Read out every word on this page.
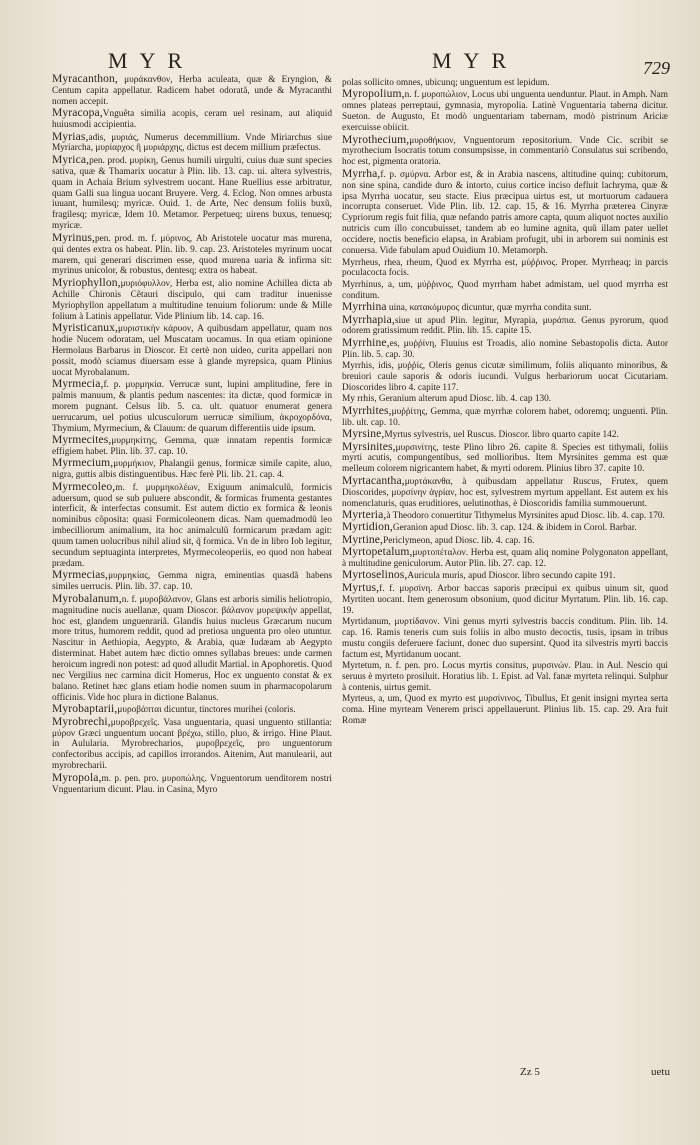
MYR	MYR	729
Myracanthon, μυράκανθον, Herba aculeata, quæ & Eryngion, & Centum capita appellatur. Radicem habet odoratã, unde & Myracanthi nomen accepit.
Myracopa,Vnguẽta similia acopis, ceram uel resinam, aut aliquid huiusmodi accipientia.
Myrias,adis, μυριάς, Numerus decemmillium. Vnde Miriarchus siue Myriarcha, μυρίαρχος ἢ μυριάρχης, dictus est decem millium præfectus.
Myrica,pen. prod. μυρίκη, Genus humili uirgulti, cuius duæ sunt species sativa, quæ & Thamarix uocatur à Plin. lib. 13. cap. ui. altera sylvestris, quam in Achaia Brium sylvestrem uocant. Hane Ruellius esse arbitratur, quam Galli sua lingua uocant Bruyere. Verg. 4. Eclog. Non omnes arbusta iuuant, humilesq; myricæ. Ouid. 1. de Arte, Nec densum foliis buxũ, fragilesq; myricæ, Idem 10. Metamor. Perpetueq; uirens buxus, tenuesq; myricæ.
Myrinus,pen. prod. m. f. μύρινος, Ab Aristotele uocatur mas murena, qui dentes extra os habeat. Plin. lib. 9. cap. 23. Aristoteles myrinum uocat marem, qui generari discrimen esse, quod murena uaria & infirma sit: myrinus unicolor, & robustus, dentesq; extra os habeat.
Myriophyllon,μυριόφυλλον, Herba est, alio nomine Achillea dicta ab Achille Chironis Cẽtauri discipulo, qui cam traditur inuenisse Myriophyllon appellatum a multitudine tenuium foliorum: unde & Mille folium à Latinis appellatur. Vide Plinium lib. 14. cap. 16.
Myristicanux,μυριστικὴν κάρυον, A quibusdam appellatur, quam nos hodie Nucem odoratam, uel Muscatam uocamus. In qua etiam opinione Hermolaus Barbarus in Dioscor. Et certè non uideo, curita appellari non possit, modò sciamus diuersam esse à glande myrepsica, quam Plinius uocat Myrobalanum.
Myrmecia,f. p. μυρμηκία. Verrucæ sunt, lupini amplitudine, fere in palmis manuum, & plantis pedum nascentes: ita dictæ, quod formicæ in morem pugnant. Celsus lib. 5. ca. ult. quatuor enumerat genera uerrucarum, uel potius ulcusculorum uerrucæ similium, ἀκροχορδόνα, Thymium, Myrmecium, & Clauum: de quarum differentiis uide ipsum.
Myrmecites,μυρμηκίτης, Gemma, quæ innatam repentis formicæ effigiem habet. Plin. lib. 37. cap. 10.
Myrmecium,μυρμήκιον, Phalangii genus, formicæ simile capite, aluo, nigra, guttis albis distinguentibus. Hæc ferè Pli. lib. 21. cap. 4.
Myrmecoleo,m. f. μυρμηκολέων, Exiguum animalculũ, formicis aduersum, quod se sub puluere abscondit, & formicas frumenta gestantes interficit, & interfectas consumit. Est autem dictio ex formica & leonis nominibus cõposita: quasi Formicoleonem dicas. Nam quemadmodũ leo imbecilliorum animalium, ita hoc animalculũ formicarum prædam agit: quum tamen uolucribus nihil aliud sit, q̃ formica. Vn de in libro Iob legitur, secundum septuaginta interpretes, Myrmecoleoperiis, eo quod non habeat prædam.
Myrmecias,μυρμηκίας, Gemma nigra, eminentias quasdã habens similes uerrucis. Plin. lib. 37. cap. 10.
Myrobalanum,n. f. μυροβάλανον, Glans est arboris similis heliotropio, magnitudine nucis auellanæ, quam Dioscor. βάλανον μυρεψικὴν appellat, hoc est, glandem unguenrariã. Glandis huius nucleus Græcarum nucum more tritus, humorem reddit, quod ad pretiosa unguenta pro oleo utuntur. Nascitur in Aethiopia, Aegypto, & Arabia, quæ Iudæam ab Aegypto disterminat. Habet autem hæc dictio omnes syllabas breues: unde carmen heroicum ingredi non potest: ad quod alludit Martial. in Apophoretis. Quod nec Vergilius nec carmina dicit Homerus, Hoc ex unguento constat & ex balano. Retinet hæc glans etiam hodie nomen suum in pharmacopolarum officinis. Vide hoc plura in dictione Balanus.
Myrobaptarii,μυροβάπται dicuntur, tinctores murihei (coloris.
Myrobrechi,μυροβρεχεῖς. Vasa unguentaria, quasi unguento stillantia: μύρον Græci unguentum uocant βρέχω, stillo, pluo, & irrigo. Hine Plaut. in Aulularia. Myrobrecharios, μυροβρεχεῖς, pro unguentorum confectoribus accipis, ad capillos irrorandos. Aitenim, Aut manulearii, aut myrobrecharii.
Myropola,m. p. pen. pro. μυροπώλης. Vnguentorum uenditorem nostri Vnguentarium dicunt. Plau. in Casina, Myro
polas sollicito omnes, ubicunq; unguentum est lepidum.
Myropolium,n. f. μυροπώλιον, Locus ubi unguenta uenduntur. Plaut. in Amph. Nam omnes plateas perreptaui, gymnasia, myropolia. Latinè Vnguentaria taberna dicitur. Sueton. de Augusto, Et modò unguentariam tabernam, modò pistrinum Ariciæ exercuisse obiicit.
Myrothecium,μυροθήκιον, Vnguentorum repositorium. Vnde Cic. scribit se myrothecium Isocratis totum consumpsisse, in commentariò Consulatus sui scribendo, hoc est, pigmenta oratoria.
Myrrha,f. p. σμύρνα. Arbor est, & in Arabia nascens, altitudine quinq; cubitorum, non sine spina, candide duro & intorto, cuius cortice inciso defluit lachryma, quæ & ipsa Myrrha uocatur, seu stacte. Eius præcipua uirtus est, ut mortuorum cadauera incorrupta conseruet. Vide Plin. lib. 12. cap. 15, & 16. Myrrha præterea Cinyræ Cypriorum regis fuit filia, quæ nefando patris amore capta, quum aliquot noctes auxilio nutricis cum illo concubuisset, tandem ab eo lumine agnita, quũ illam pater uellet occidere, noctis beneficio elapsa, in Arabiam profugit, ubi in arborem sui nominis est conuersa. Vide fabulam apud Ouidium 10. Metamorph.
Myrrheus, rhea, rheum, Quod ex Myrrha est, μύῤῥινος. Proper. Myrrheaq; in parcis poculacocta focis.
Myrrhinus, a, um, μύῤῥινος, Quod myrrham habet admistam, uel quod myrrha est conditum.
Myrrhina uina, κατακόμυρος dicuntur, quæ myrrha condita sunt.
Myrrhapia,siue ut apud Plin. legitur, Myrapia, μυράπια. Genus pyrorum, quod odorem gratissimum reddit. Plin. lib. 15. capite 15.
Myrrhine,es, μυῤῥίνη, Fluuius est Troadis, alio nomine Sebastopolis dicta. Autor Plin. lib. 5. cap. 30.
Myrrhis, idis, μυῤῥίς, Oleris genus cicutæ similimum, foliis aliquanto minoribus, & breuiori caule saporis & odoris iucundi. Vulgus herbariorum uocat Cicutariam. Dioscorides libro 4. capite 117.
My rrhis, Geranium alterum apud Diosc. lib. 4. cap 130.
Myrrhites,μυῤῥίτης, Gemma, quæ myrrhæ colorem habet, odoremq; unguenti. Plin. lib. ult. cap. 10.
Myrsine,Myrtus sylvestris, uel Ruscus. Dioscor. libro quarto capite 142.
Myrsinites,μυρσινίτης, teste Plino libro 26. capite 8. Species est tithymali, foliis myrti acutis, compungentibus, sed mollioribus. Item Myrsinites gemma est quæ melleum colorem nigricantem habet, & myrti odorem. Plinius libro 37. capite 10.
Myrtacantha,μυρτάκανθα, à quibusdam appellatur Ruscus, Frutex, quem Dioscorides, μυρσίνην ἀγρίαν, hoc est, sylvestrem myrtum appellant. Est autem ex his nomenclaturis, quas eruditiores, uelutinothas, è Dioscoridis familia summouerunt.
Myrteria,à Theodoro conuertitur Tithymelus Myrsinites apud Diosc. lib. 4. cap. 170.
Myrtidion,Geranion apud Diosc. lib. 3. cap. 124. & ibidem in Corol. Barbar.
Myrtine,Periclymeon, apud Diosc. lib. 4. cap. 16.
Myrtopetalum,μυρτοπέταλον. Herba est, quam aliq nomine Polygonaton appellant, à multitudine geniculorum. Autor Plin. lib. 27. cap. 12.
Myrtoselinos,Auricula muris, apud Dioscor. libro secundo capite 191.
Myrtus,f. f. μυρσίνη. Arbor baccas saporis præcipui ex quibus uinum sit, quod Myrtiten uocant. Item generosum obsonium, quod dicitur Myrtatum. Plin. lib. 16. cap. 19.
Myrtidanum, μυρτίδανον. Vini genus myrti sylvestris baccis conditum. Plin. lib. 14. cap. 16. Ramis teneris cum suis foliis in albo musto decoctis, tusis, ipsam in tribus mustu congiis deferuere faciunt, donec duo supersint. Quod ita silvestris myrti baccis factum est, Myrtidanum uocant.
Myrtetum, n. f. pen. pro. Locus myrtis consitus, μυρσινών. Plau. in Aul. Nescio qui seruus è myrteto prosiluit. Horatius lib. 1. Epist. ad Val. fanæ myrteta relinqui. Sulphur à contenis, uirtus gemit.
Myrteus, a, um, Quod ex myrto est μυρσίνινος, Tibullus, Et genit insigni myrtea serta coma. Hine myrteam Venerem prisci appellauerunt. Plinius lib. 15. cap. 29. Ara fuit Romæ
Zz 5	uetu
